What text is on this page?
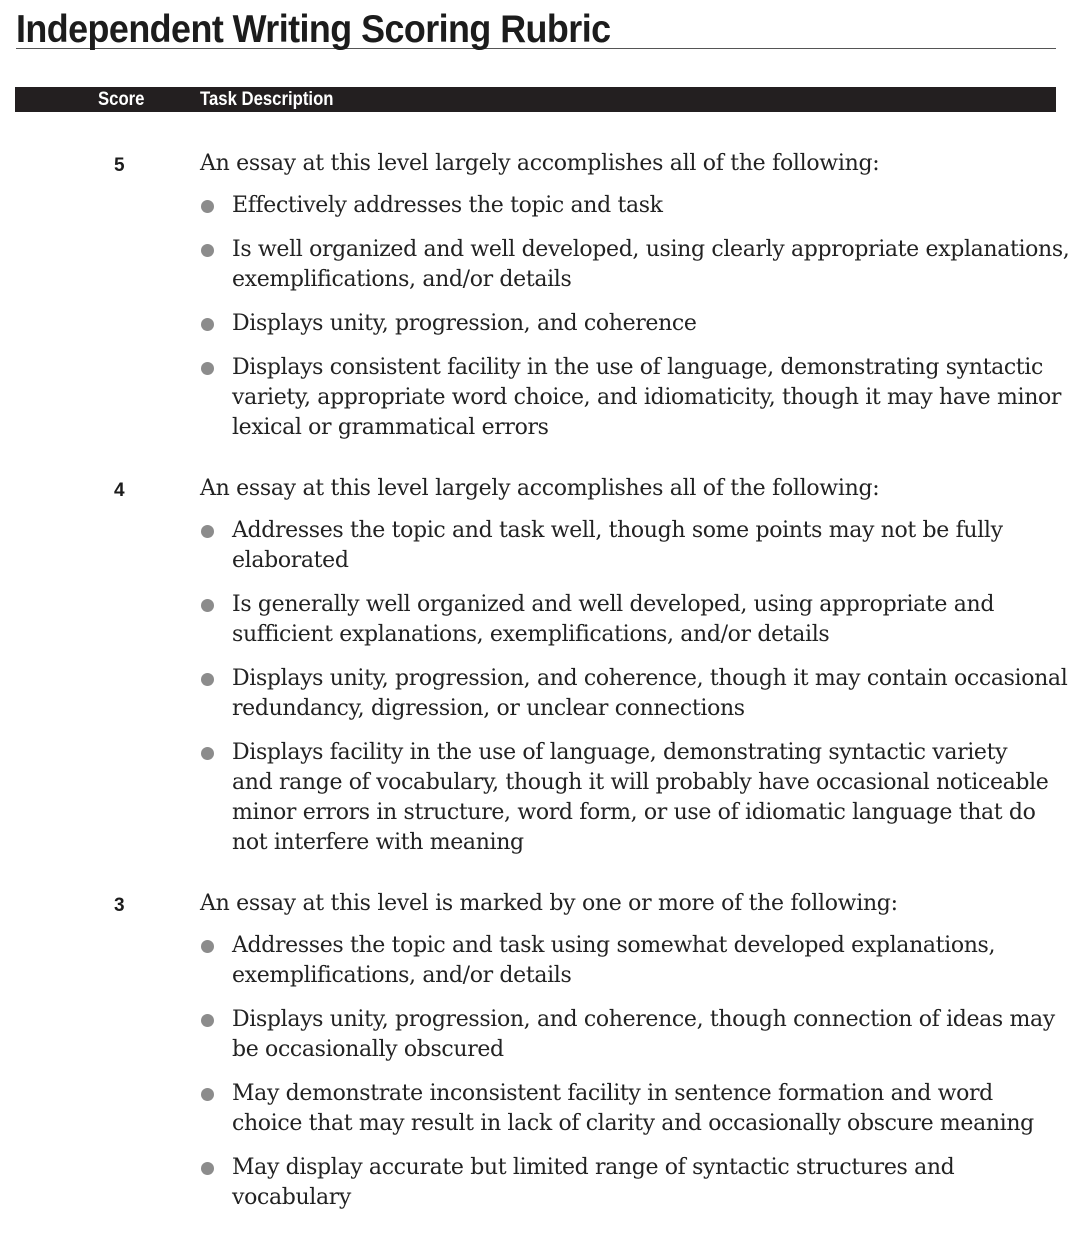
Independent Writing Scoring Rubric
Score	Task Description
5	An essay at this level largely accomplishes all of the following:
Effectively addresses the topic and task
Is well organized and well developed, using clearly appropriate explanations,
exemplifications, and/or details
Displays unity, progression, and coherence
Displays consistent facility in the use of language, demonstrating syntactic
variety, appropriate word choice, and idiomaticity, though it may have minor
lexical or grammatical errors
4	An essay at this level largely accomplishes all of the following:
Addresses the topic and task well, though some points may not be fully
elaborated
Is generally well organized and well developed, using appropriate and
sufficient explanations, exemplifications, and/or details
Displays unity, progression, and coherence, though it may contain occasional
redundancy, digression, or unclear connections
Displays facility in the use of language, demonstrating syntactic variety
and range of vocabulary, though it will probably have occasional noticeable
minor errors in structure, word form, or use of idiomatic language that do
not interfere with meaning
3	An essay at this level is marked by one or more of the following:
Addresses the topic and task using somewhat developed explanations,
exemplifications, and/or details
Displays unity, progression, and coherence, though connection of ideas may
be occasionally obscured
May demonstrate inconsistent facility in sentence formation and word
choice that may result in lack of clarity and occasionally obscure meaning
May display accurate but limited range of syntactic structures and
vocabulary
